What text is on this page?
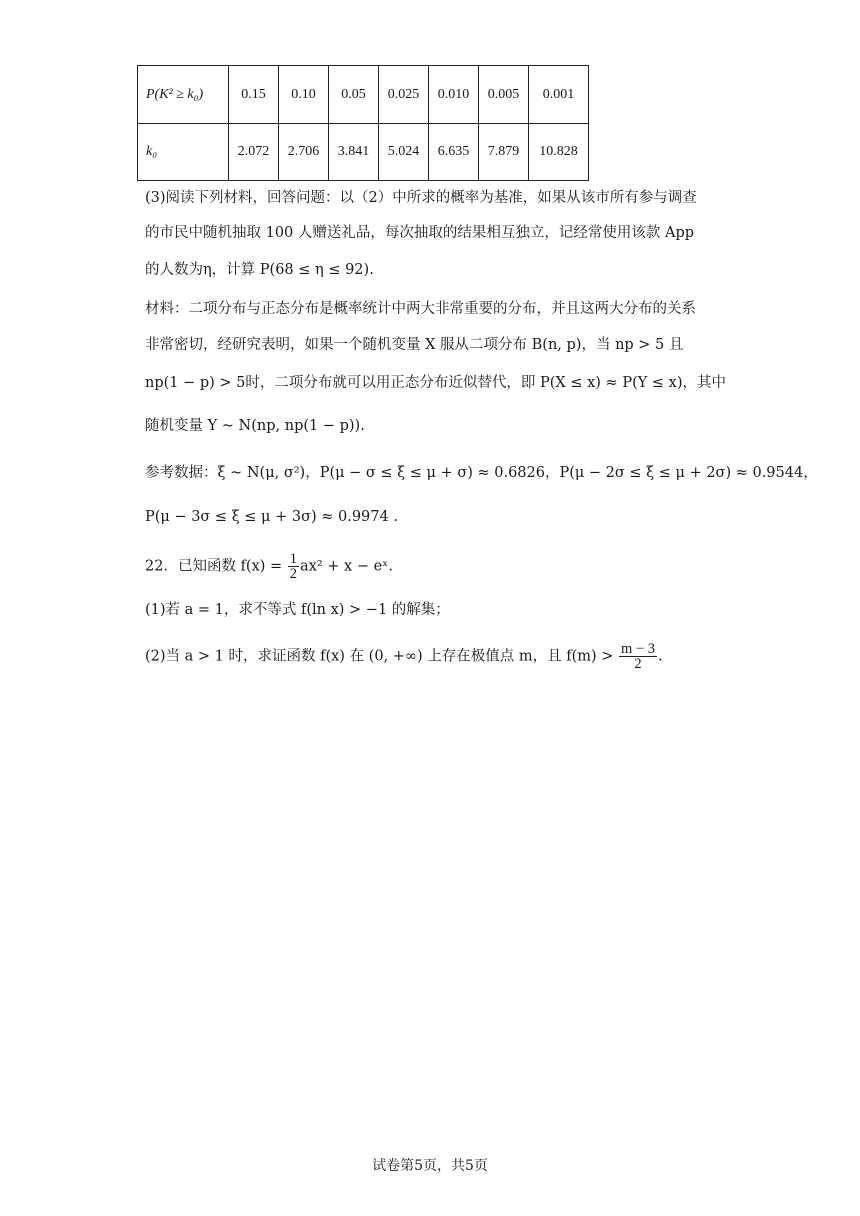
P(K² ≥ k₀)	0.15	0.10	0.05	0.025	0.010	0.005	0.001
k₀	2.072	2.706	3.841	5.024	6.635	7.879	10.828
(3)阅读下列材料，回答问题：以（2）中所求的概率为基准，如果从该市所有参与调查
的市民中随机抽取 100 人赠送礼品，每次抽取的结果相互独立，记经常使用该款 App
的人数为η，计算 P(68 ≤ η ≤ 92).
材料：二项分布与正态分布是概率统计中两大非常重要的分布，并且这两大分布的关系
非常密切，经研究表明，如果一个随机变量 X 服从二项分布 B(n, p)，当 np > 5 且
np(1 − p) > 5时，二项分布就可以用正态分布近似替代，即 P(X ≤ x) ≈ P(Y ≤ x)，其中
随机变量 Y ~ N(np, np(1 − p)).
参考数据：ξ ~ N(μ, σ²)，P(μ − σ ≤ ξ ≤ μ + σ) ≈ 0.6826，P(μ − 2σ ≤ ξ ≤ μ + 2σ) ≈ 0.9544，
P(μ − 3σ ≤ ξ ≤ μ + 3σ) ≈ 0.9974 .
22．已知函数 $f(x) = \frac{1}{2} ax^2 + x$ − eˣ.
(1)若 a = 1，求不等式 f(ln x) > −1 的解集；
(2)当 a > 1 时，求证函数 f(x) 在 (0, +∞) 上存在极值点 m，且 $f(m) > \frac{m - 3}{2}$ .
试卷第5页，共5页
